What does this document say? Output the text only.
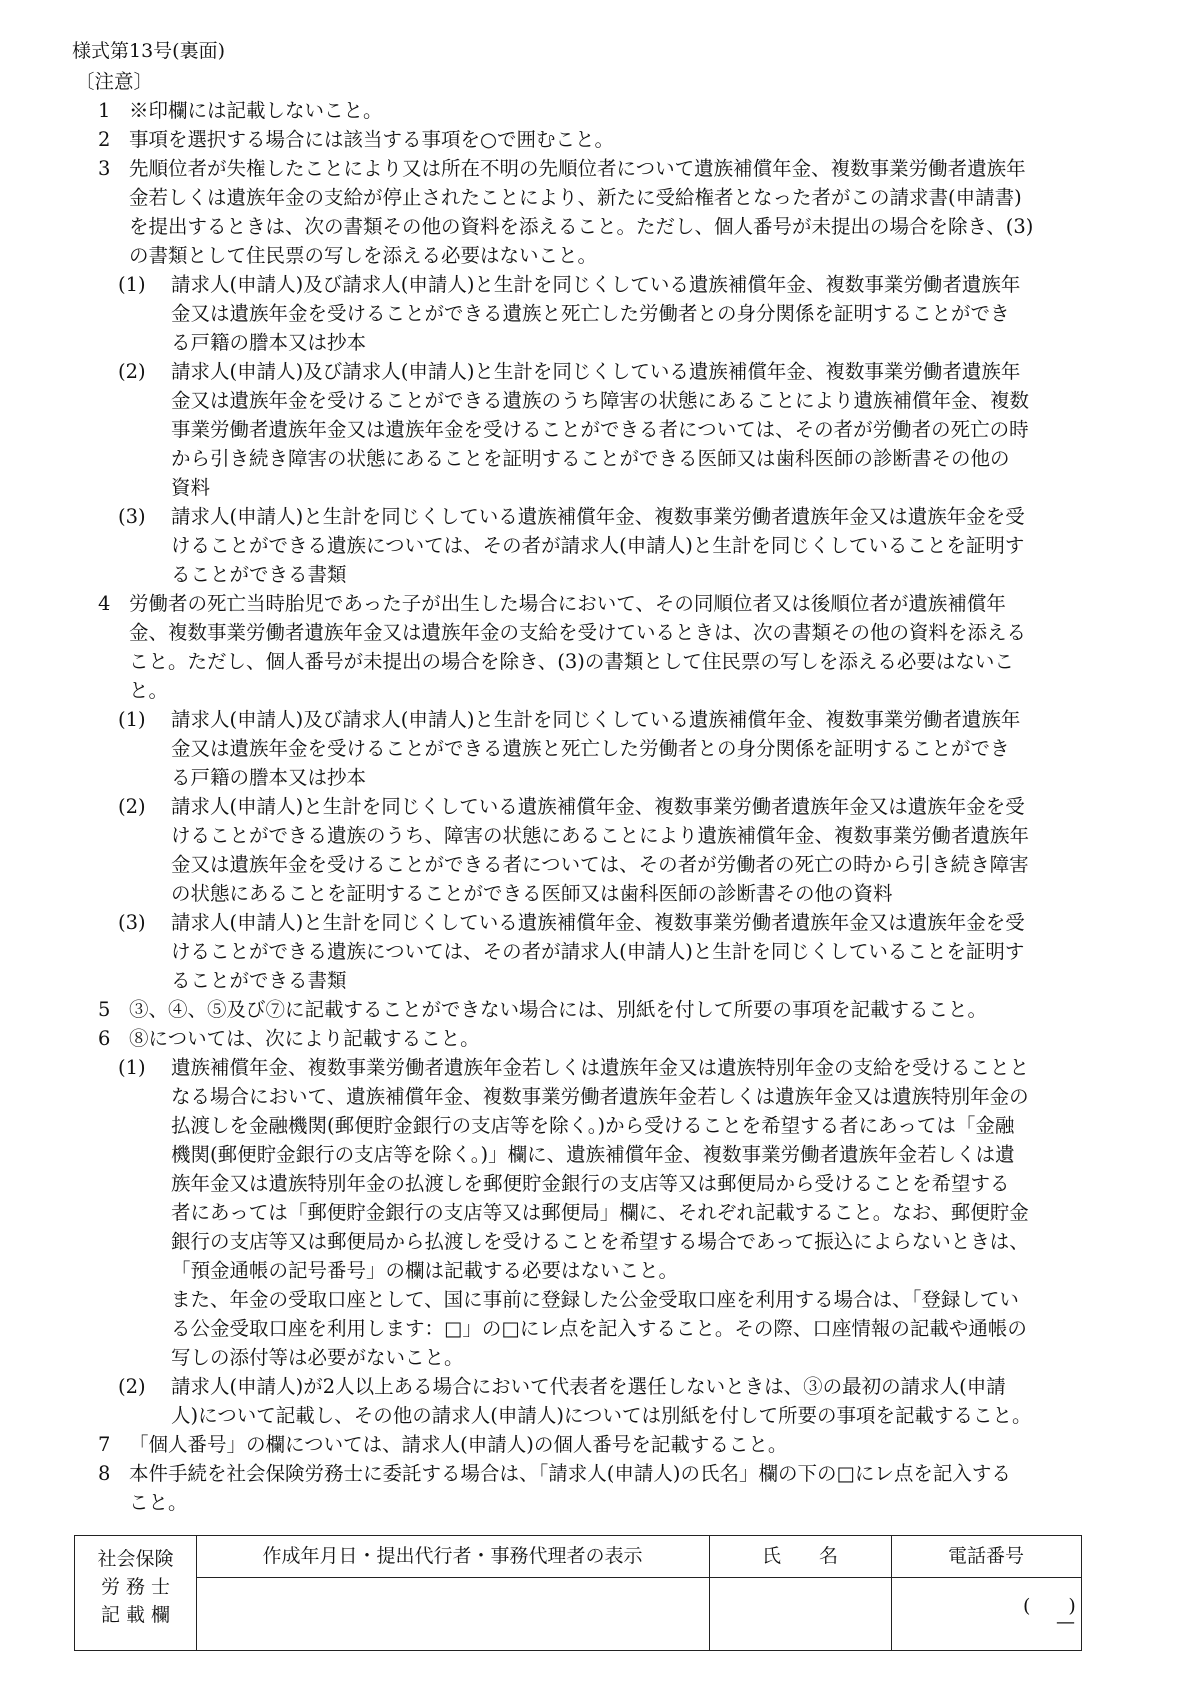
様式第13号(裏面)
〔注意〕
1 ※印欄には記載しないこと。
2 事項を選択する場合には該当する事項を○で囲むこと。
3 先順位者が失権したことにより又は所在不明の先順位者について遺族補償年金、複数事業労働者遺族年
金若しくは遺族年金の支給が停止されたことにより、新たに受給権者となった者がこの請求書(申請書)
を提出するときは、次の書類その他の資料を添えること。ただし、個人番号が未提出の場合を除き、(3)
の書類として住民票の写しを添える必要はないこと。
(1) 請求人(申請人)及び請求人(申請人)と生計を同じくしている遺族補償年金、複数事業労働者遺族年
金又は遺族年金を受けることができる遺族と死亡した労働者との身分関係を証明することができ
る戸籍の謄本又は抄本
(2) 請求人(申請人)及び請求人(申請人)と生計を同じくしている遺族補償年金、複数事業労働者遺族年
金又は遺族年金を受けることができる遺族のうち障害の状態にあることにより遺族補償年金、複数
事業労働者遺族年金又は遺族年金を受けることができる者については、その者が労働者の死亡の時
から引き続き障害の状態にあることを証明することができる医師又は歯科医師の診断書その他の
資料
(3) 請求人(申請人)と生計を同じくしている遺族補償年金、複数事業労働者遺族年金又は遺族年金を受
けることができる遺族については、その者が請求人(申請人)と生計を同じくしていることを証明す
ることができる書類
4 労働者の死亡当時胎児であった子が出生した場合において、その同順位者又は後順位者が遺族補償年
金、複数事業労働者遺族年金又は遺族年金の支給を受けているときは、次の書類その他の資料を添える
こと。ただし、個人番号が未提出の場合を除き、(3)の書類として住民票の写しを添える必要はないこ
と。
(1) 請求人(申請人)及び請求人(申請人)と生計を同じくしている遺族補償年金、複数事業労働者遺族年
金又は遺族年金を受けることができる遺族と死亡した労働者との身分関係を証明することができ
る戸籍の謄本又は抄本
(2) 請求人(申請人)と生計を同じくしている遺族補償年金、複数事業労働者遺族年金又は遺族年金を受
けることができる遺族のうち、障害の状態にあることにより遺族補償年金、複数事業労働者遺族年
金又は遺族年金を受けることができる者については、その者が労働者の死亡の時から引き続き障害
の状態にあることを証明することができる医師又は歯科医師の診断書その他の資料
(3) 請求人(申請人)と生計を同じくしている遺族補償年金、複数事業労働者遺族年金又は遺族年金を受
けることができる遺族については、その者が請求人(申請人)と生計を同じくしていることを証明す
ることができる書類
5 ③、④、⑤及び⑦に記載することができない場合には、別紙を付して所要の事項を記載すること。
6 ⑧については、次により記載すること。
(1) 遺族補償年金、複数事業労働者遺族年金若しくは遺族年金又は遺族特別年金の支給を受けることと
なる場合において、遺族補償年金、複数事業労働者遺族年金若しくは遺族年金又は遺族特別年金の
払渡しを金融機関(郵便貯金銀行の支店等を除く。)から受けることを希望する者にあっては「金融
機関(郵便貯金銀行の支店等を除く。)」欄に、遺族補償年金、複数事業労働者遺族年金若しくは遺
族年金又は遺族特別年金の払渡しを郵便貯金銀行の支店等又は郵便局から受けることを希望する
者にあっては「郵便貯金銀行の支店等又は郵便局」欄に、それぞれ記載すること。なお、郵便貯金
銀行の支店等又は郵便局から払渡しを受けることを希望する場合であって振込によらないときは、
「預金通帳の記号番号」の欄は記載する必要はないこと。
また、年金の受取口座として、国に事前に登録した公金受取口座を利用する場合は、「登録してい
る公金受取口座を利用します：□」の□にレ点を記入すること。その際、口座情報の記載や通帳の
写しの添付等は必要がないこと。
(2) 請求人(申請人)が2人以上ある場合において代表者を選任しないときは、③の最初の請求人(申請
人)について記載し、その他の請求人(申請人)については別紙を付して所要の事項を記載すること。
7 「個人番号」の欄については、請求人(申請人)の個人番号を記載すること。
8 本件手続を社会保険労務士に委託する場合は、「請求人(申請人)の氏名」欄の下の□にレ点を記入する
こと。
社会保険
労 務 士
記 載 欄
作成年月日・提出代行者・事務代理者の表示	氏　　名	電話番号
(　　)
—
